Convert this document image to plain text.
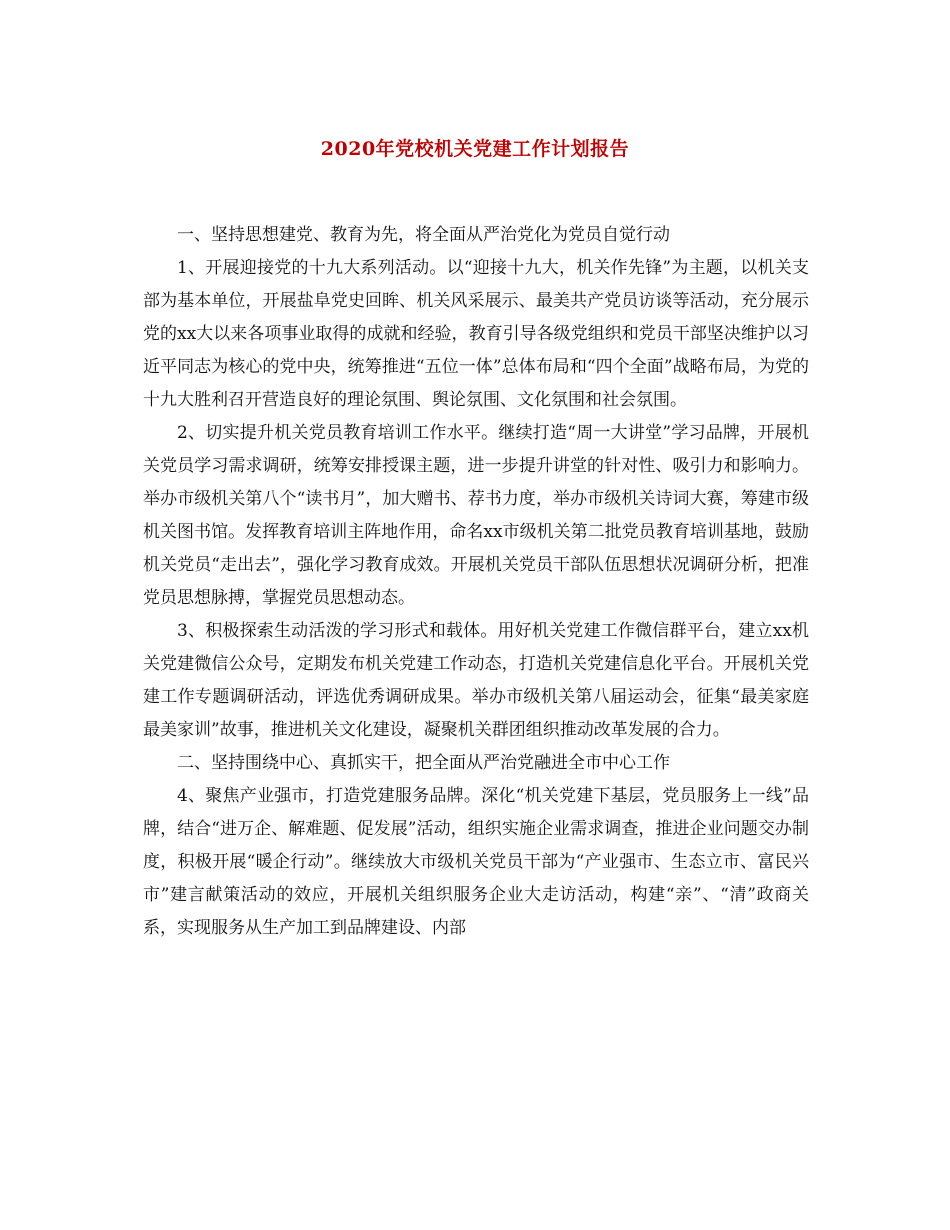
2020年党校机关党建工作计划报告

一、坚持思想建党、教育为先，将全面从严治党化为党员自觉行动

1、开展迎接党的十九大系列活动。以“迎接十九大，机关作先锋”为主题，以机关支部为基本单位，开展盐阜党史回眸、机关风采展示、最美共产党员访谈等活动，充分展示党的xx大以来各项事业取得的成就和经验，教育引导各级党组织和党员干部坚决维护以习近平同志为核心的党中央，统筹推进“五位一体”总体布局和“四个全面”战略布局，为党的十九大胜利召开营造良好的理论氛围、舆论氛围、文化氛围和社会氛围。

2、切实提升机关党员教育培训工作水平。继续打造“周一大讲堂”学习品牌，开展机关党员学习需求调研，统筹安排授课主题，进一步提升讲堂的针对性、吸引力和影响力。举办市级机关第八个“读书月”，加大赠书、荐书力度，举办市级机关诗词大赛，筹建市级机关图书馆。发挥教育培训主阵地作用，命名xx市级机关第二批党员教育培训基地，鼓励机关党员“走出去”，强化学习教育成效。开展机关党员干部队伍思想状况调研分析，把准党员思想脉搏，掌握党员思想动态。

3、积极探索生动活泼的学习形式和载体。用好机关党建工作微信群平台，建立xx机关党建微信公众号，定期发布机关党建工作动态，打造机关党建信息化平台。开展机关党建工作专题调研活动，评选优秀调研成果。举办市级机关第八届运动会，征集“最美家庭最美家训”故事，推进机关文化建设，凝聚机关群团组织推动改革发展的合力。

二、坚持围绕中心、真抓实干，把全面从严治党融进全市中心工作

4、聚焦产业强市，打造党建服务品牌。深化“机关党建下基层，党员服务上一线”品牌，结合“进万企、解难题、促发展”活动，组织实施企业需求调查，推进企业问题交办制度，积极开展“暖企行动”。继续放大市级机关党员干部为“产业强市、生态立市、富民兴市”建言献策活动的效应，开展机关组织服务企业大走访活动，构建“亲”、“清”政商关系，实现服务从生产加工到品牌建设、内部
